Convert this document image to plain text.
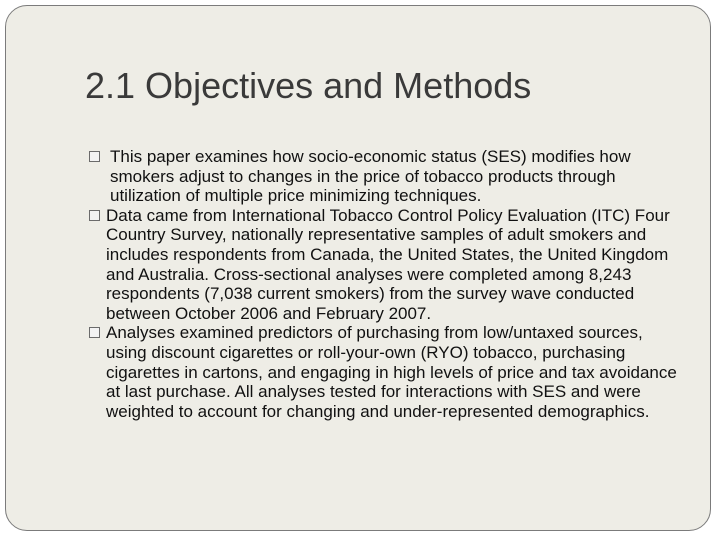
2.1 Objectives and Methods
This paper examines how socio-economic status (SES) modifies how smokers adjust to changes in the price of tobacco products through utilization of multiple price minimizing techniques.
Data came from International Tobacco Control Policy Evaluation (ITC) Four Country Survey, nationally representative samples of adult smokers and includes respondents from Canada, the United States, the United Kingdom and Australia. Cross-sectional analyses were completed among 8,243 respondents (7,038 current smokers) from the survey wave conducted between October 2006 and February 2007.
Analyses examined predictors of purchasing from low/untaxed sources, using discount cigarettes or roll-your-own (RYO) tobacco, purchasing cigarettes in cartons, and engaging in high levels of price and tax avoidance at last purchase. All analyses tested for interactions with SES and were weighted to account for changing and under-represented demographics.
